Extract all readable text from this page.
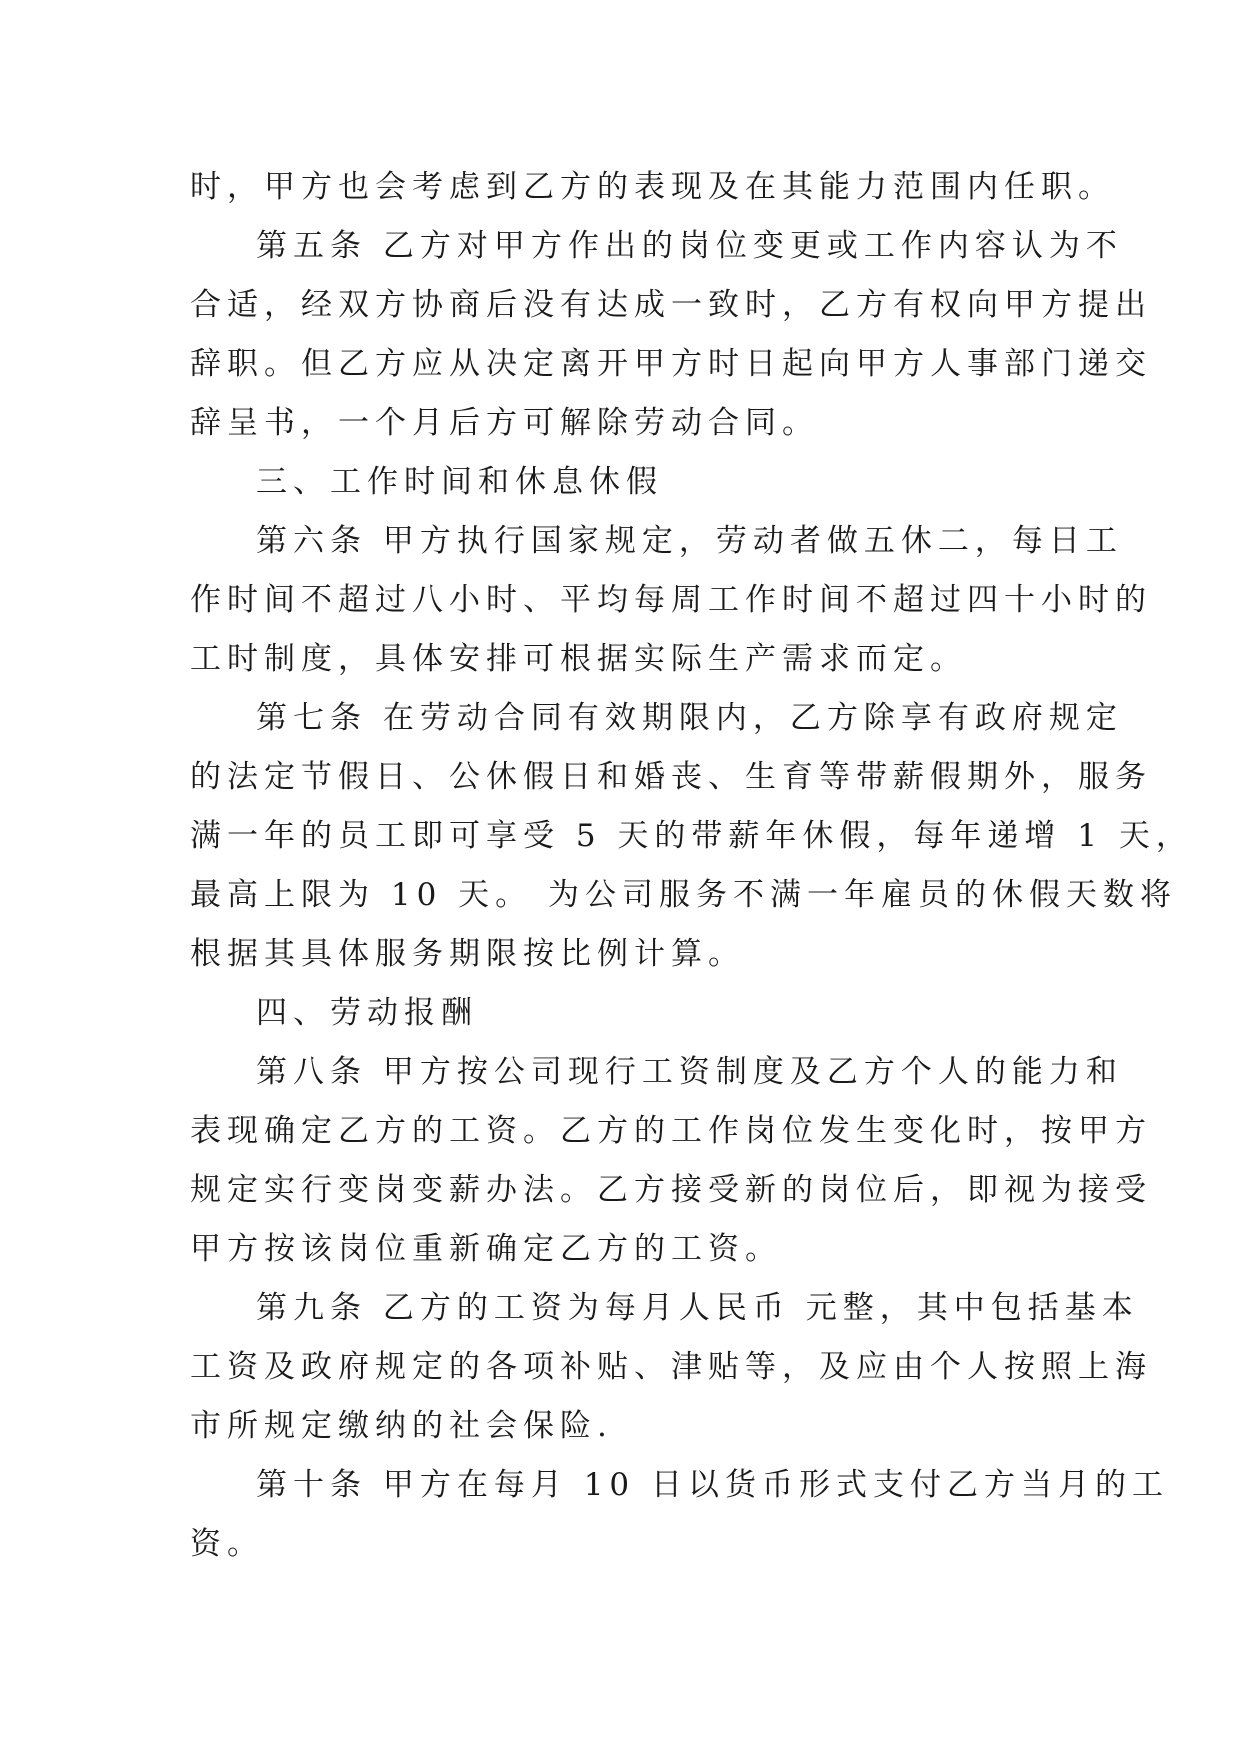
时，甲方也会考虑到乙方的表现及在其能力范围内任职。

第五条 乙方对甲方作出的岗位变更或工作内容认为不
合适，经双方协商后没有达成一致时，乙方有权向甲方提出
辞职。但乙方应从决定离开甲方时日起向甲方人事部门递交
辞呈书，一个月后方可解除劳动合同。

三、工作时间和休息休假

第六条 甲方执行国家规定，劳动者做五休二，每日工
作时间不超过八小时、平均每周工作时间不超过四十小时的
工时制度，具体安排可根据实际生产需求而定。

第七条 在劳动合同有效期限内，乙方除享有政府规定
的法定节假日、公休假日和婚丧、生育等带薪假期外，服务
满一年的员工即可享受 5 天的带薪年休假，每年递增 1 天，
最高上限为 10 天。 为公司服务不满一年雇员的休假天数将
根据其具体服务期限按比例计算。

四、劳动报酬

第八条 甲方按公司现行工资制度及乙方个人的能力和
表现确定乙方的工资。乙方的工作岗位发生变化时，按甲方
规定实行变岗变薪办法。乙方接受新的岗位后，即视为接受
甲方按该岗位重新确定乙方的工资。

第九条 乙方的工资为每月人民币 元整，其中包括基本
工资及政府规定的各项补贴、津贴等，及应由个人按照上海
市所规定缴纳的社会保险.

第十条 甲方在每月 10 日以货币形式支付乙方当月的工
资。
